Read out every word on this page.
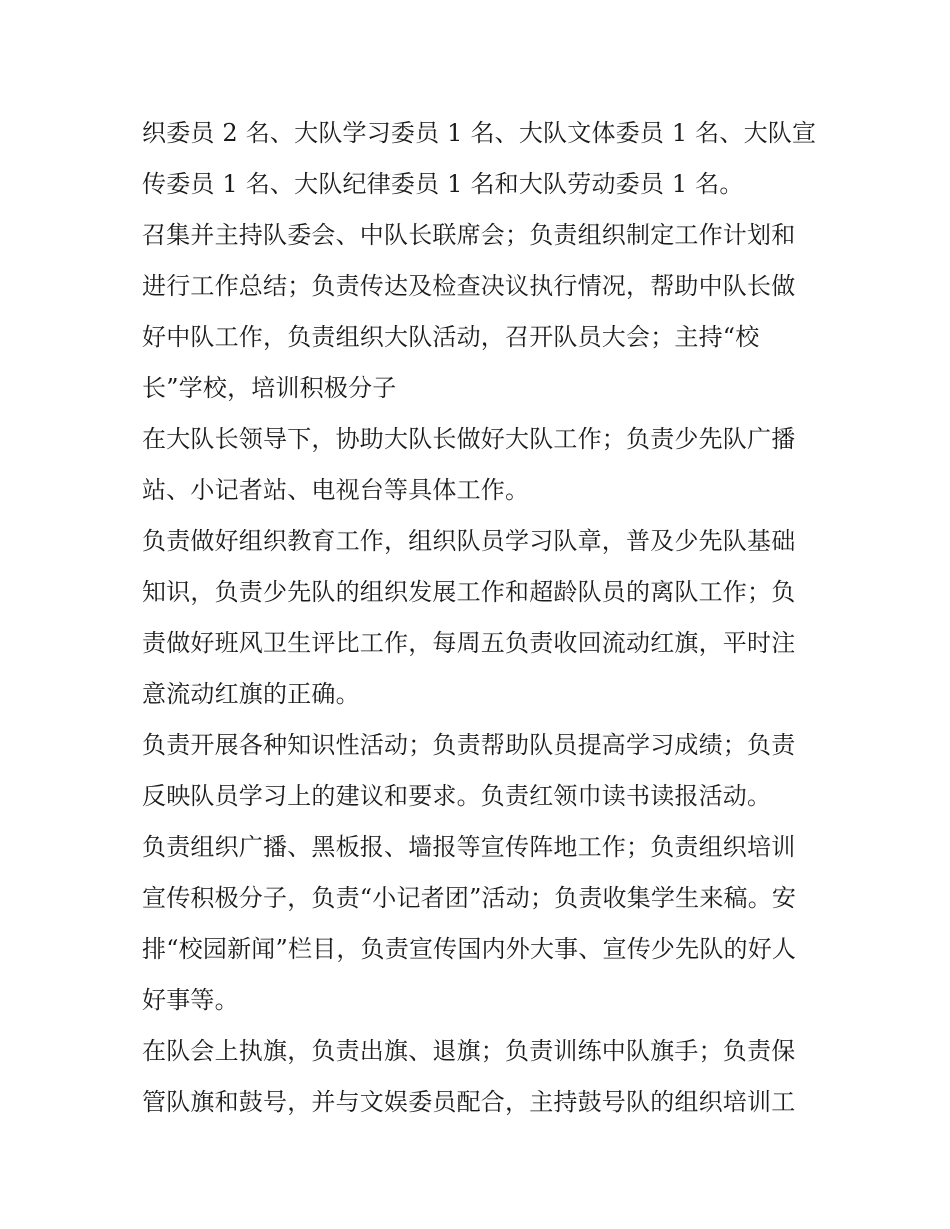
织委员 2 名、大队学习委员 1 名、大队文体委员 1 名、大队宣
传委员 1 名、大队纪律委员 1 名和大队劳动委员 1 名。
召集并主持队委会、中队长联席会；负责组织制定工作计划和
进行工作总结；负责传达及检查决议执行情况，帮助中队长做
好中队工作，负责组织大队活动，召开队员大会；主持“校
长”学校，培训积极分子
在大队长领导下，协助大队长做好大队工作；负责少先队广播
站、小记者站、电视台等具体工作。
负责做好组织教育工作，组织队员学习队章，普及少先队基础
知识，负责少先队的组织发展工作和超龄队员的离队工作；负
责做好班风卫生评比工作，每周五负责收回流动红旗，平时注
意流动红旗的正确。
负责开展各种知识性活动；负责帮助队员提高学习成绩；负责
反映队员学习上的建议和要求。负责红领巾读书读报活动。
负责组织广播、黑板报、墙报等宣传阵地工作；负责组织培训
宣传积极分子，负责“小记者团”活动；负责收集学生来稿。安
排“校园新闻”栏目，负责宣传国内外大事、宣传少先队的好人
好事等。
在队会上执旗，负责出旗、退旗；负责训练中队旗手；负责保
管队旗和鼓号，并与文娱委员配合，主持鼓号队的组织培训工
